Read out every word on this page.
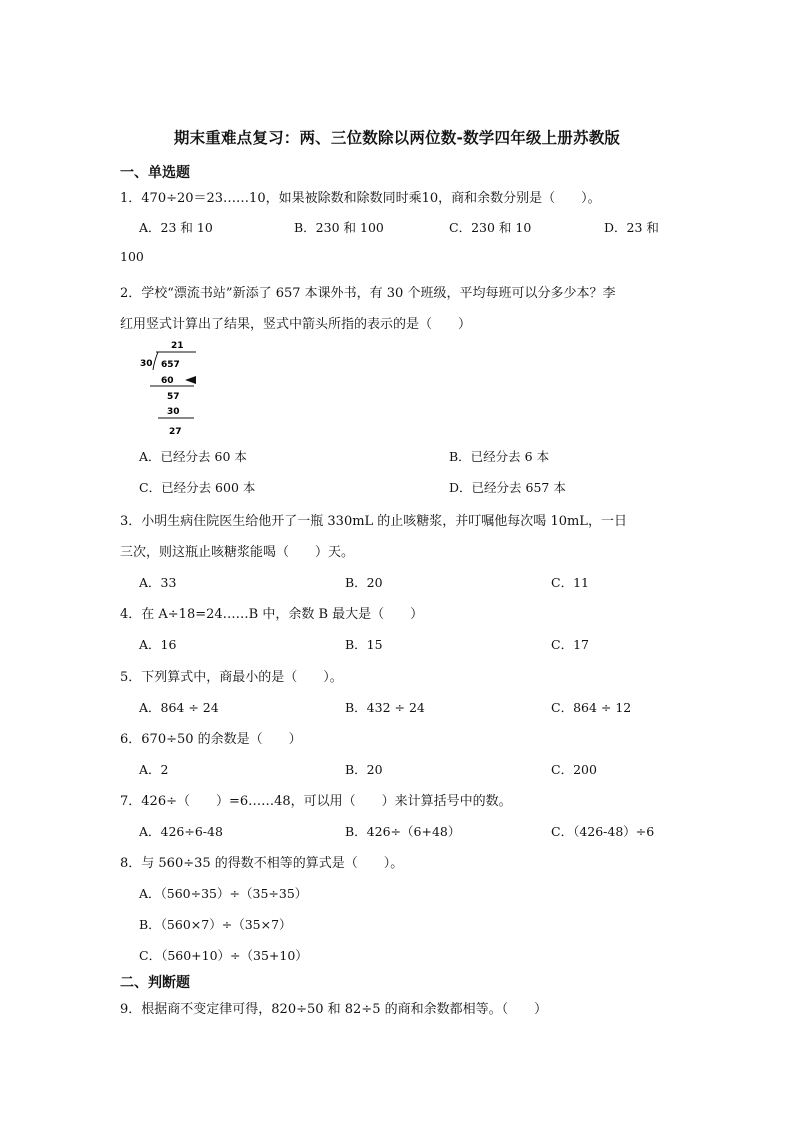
期末重难点复习：两、三位数除以两位数-数学四年级上册苏教版
一、单选题
1．470÷20＝23……10，如果被除数和除数同时乘10，商和余数分别是（　　）。
A．23 和 10	B．230 和 100	C．230 和 10	D．23 和
100
2．学校“漂流书站”新添了 657 本课外书，有 30 个班级，平均每班可以分多少本？李
红用竖式计算出了结果，竖式中箭头所指的表示的是（　　）
21
30 657
60
57
30
27
A．已经分去 60 本	B．已经分去 6 本
C．已经分去 600 本	D．已经分去 657 本
3．小明生病住院医生给他开了一瓶 330mL 的止咳糖浆，并叮嘱他每次喝 10mL，一日
三次，则这瓶止咳糖浆能喝（　　）天。
A．33	B．20	C．11
4．在 A÷18=24……B 中，余数 B 最大是（　　）
A．16	B．15	C．17
5．下列算式中，商最小的是（　　）。
A．864 ÷ 24	B．432 ÷ 24	C．864 ÷ 12
6．670÷50 的余数是（　　）
A．2	B．20	C．200
7．426÷（　　）=6……48，可以用（　　）来计算括号中的数。
A．426÷6-48	B．426÷（6+48）	C．（426-48）÷6
8．与 560÷35 的得数不相等的算式是（　　）。
A．（560÷35）÷（35÷35）
B．（560×7）÷（35×7）
C．（560+10）÷（35+10）
二、判断题
9．根据商不变定律可得，820÷50 和 82÷5 的商和余数都相等。（　　）
